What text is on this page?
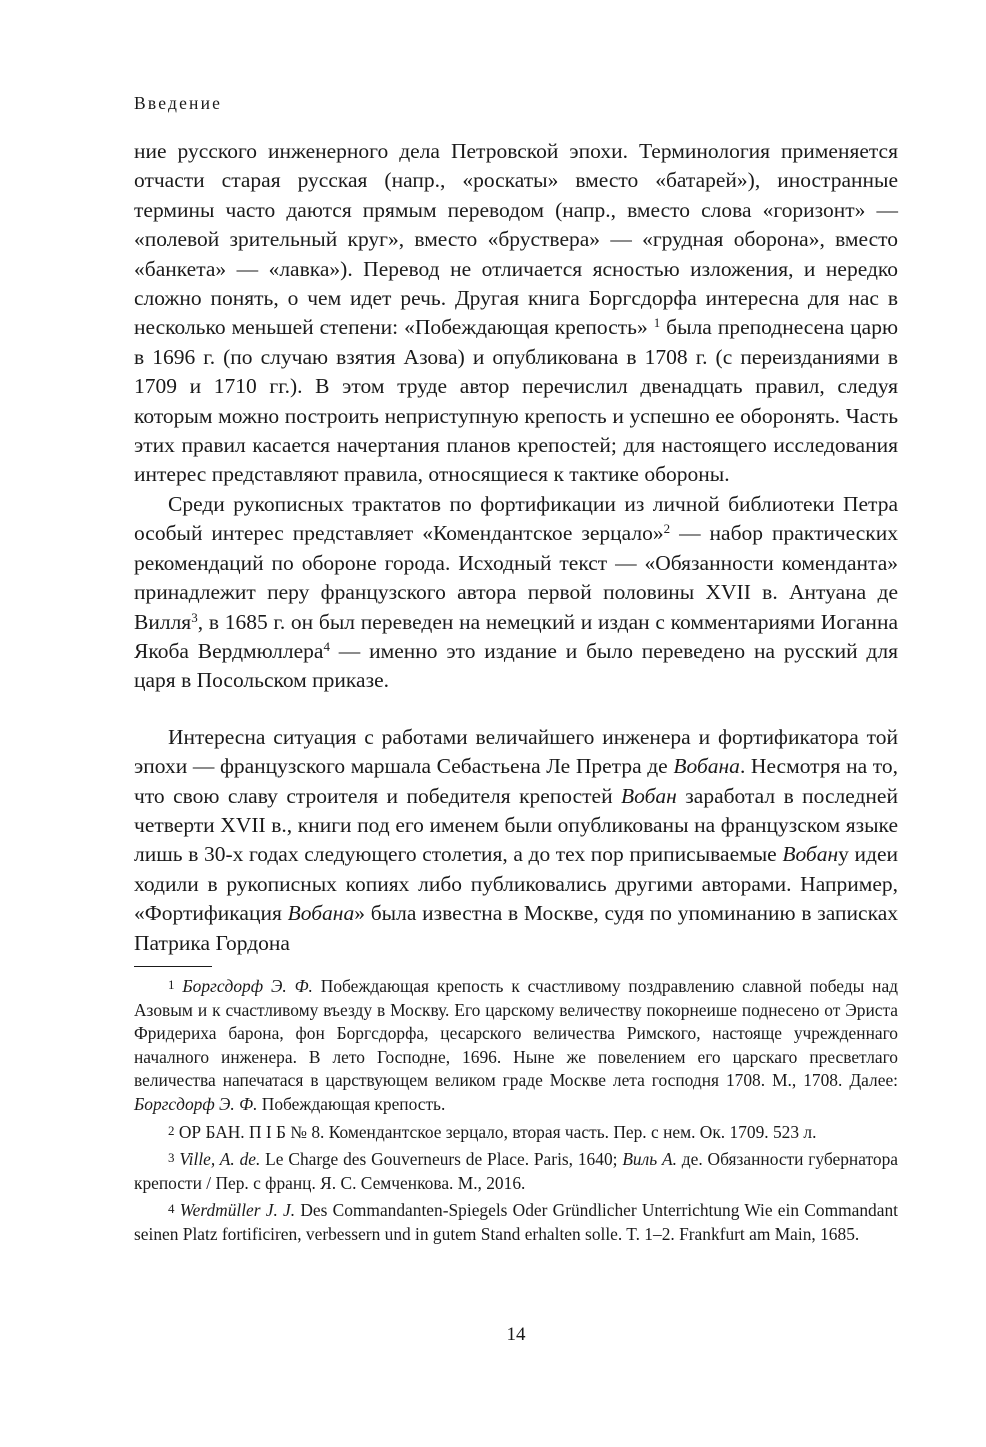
Введение

ние русского инженерного дела Петровской эпохи. Терминология применяется отчасти старая русская (напр., «роскаты» вместо «батарей»), иностранные термины часто даются прямым переводом (напр., вместо слова «горизонт» — «полевой зрительный круг», вместо «бруствера» — «грудная оборона», вместо «банкета» — «лавка»). Перевод не отличается ясностью изложения, и нередко сложно понять, о чем идет речь. Другая книга Боргсдорфа интересна для нас в несколько меньшей степени: «Побеждающая крепость» $^1$ была преподнесена царю в 1696 г. (по случаю взятия Азова) и опубликована в 1708 г. (с переизданиями в 1709 и 1710 гг.). В этом труде автор перечислил двенадцать правил, следуя которым можно построить неприступную крепость и успешно ее оборонять. Часть этих правил касается начертания планов крепостей; для настоящего исследования интерес представляют правила, относящиеся к тактике обороны.

Среди рукописных трактатов по фортификации из личной библиотеки Петра особый интерес представляет «Комендантское зерцало»$^2$ — набор практических рекомендаций по обороне города. Исходный текст — «Обязанности коменданта» принадлежит перу французского автора первой половины XVII в. Антуана де Вилля$^3$, в 1685 г. он был переведен на немецкий и издан с комментариями Иоганна Якоба Вердмюллера$^4$ — именно это издание и было переведено на русский для царя в Посольском приказе.

Интересна ситуация с работами величайшего инженера и фортификатора той эпохи — французского маршала Себастьена Ле Претра де Вобана. Несмотря на то, что свою славу строителя и победителя крепостей Вобан заработал в последней четверти XVII в., книги под его именем были опубликованы на французском языке лишь в 30-х годах следующего столетия, а до тех пор приписываемые Вобану идеи ходили в рукописных копиях либо публиковались другими авторами. Например, «Фортификация Вобана» была известна в Москве, судя по упоминанию в записках Патрика Гордона

1 Боргсдорф Э. Ф. Побеждающая крепость к счастливому поздравлению славной победы над Азовым и к счастливому въезду в Москву. Его царскому величеству покорнеише поднесено от Эриста Фридериха барона, фон Боргсдорфа, цесарского величества Римского, настояще учрежденнаго началного инженера. В лето Господне, 1696. Ныне же повелением его царскаго пресветлаго величества напечатася в царствующем великом граде Москве лета господня 1708. М., 1708. Далее: Боргсдорф Э. Ф. Побеждающая крепость.

2 ОР БАН. П I Б № 8. Комендантское зерцало, вторая часть. Пер. с нем. Ок. 1709. 523 л.

3 Ville, A. de. Le Charge des Gouverneurs de Place. Paris, 1640; Виль А. де. Обязанности губернатора крепости / Пер. с франц. Я. С. Семченкова. М., 2016.

4 Werdmüller J. J. Des Commandanten-Spiegels Oder Gründlicher Unterrichtung Wie ein Commandant seinen Platz fortificiren, verbessern und in gutem Stand erhalten solle. T. 1–2. Frankfurt am Main, 1685.

14
